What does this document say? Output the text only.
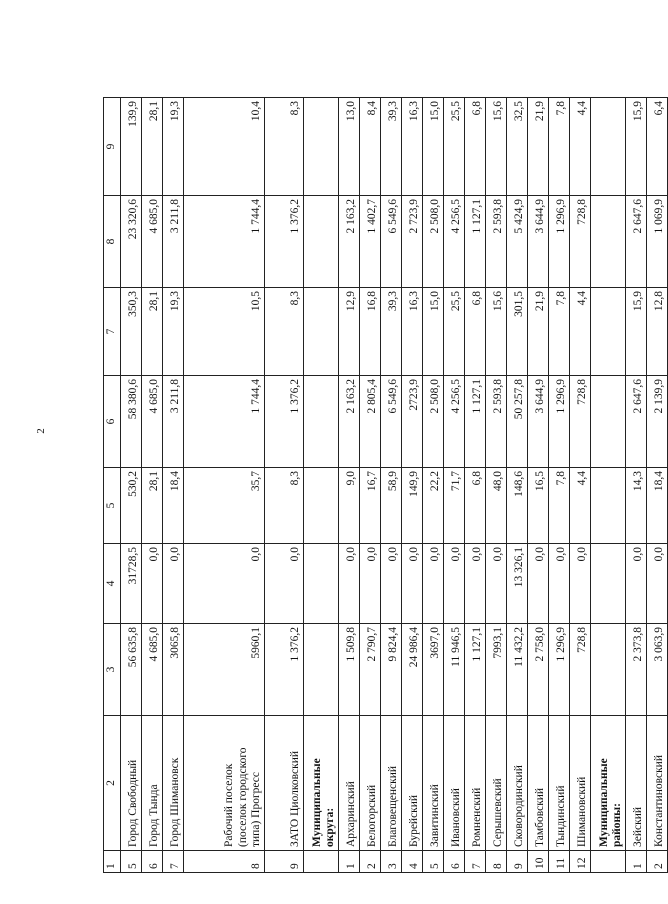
2
1	2	3	4	5	6	7	8	9
5	Город Свободный	56 635,8	31728,5	530,2	58 380,6	350,3	23 320,6	139,9
6	Город Тында	4 685,0	0,0	28,1	4 685,0	28,1	4 685,0	28,1
7	Город Шимановск	3065,8	0,0	18,4	3 211,8	19,3	3 211,8	19,3
8	Рабочий поселок (поселок городского типа) Прогресс	5960,1	0,0	35,7	1 744,4	10,5	1 744,4	10,4
9	ЗАТО Циолковский	1 376,2	0,0	8,3	1 376,2	8,3	1 376,2	8,3
	Муниципальные округа:							
1	Архаринский	1 509,8	0,0	9,0	2 163,2	12,9	2 163,2	13,0
2	Белогорский	2 790,7	0,0	16,7	2 805,4	16,8	1 402,7	8,4
3	Благовещенский	9 824,4	0,0	58,9	6 549,6	39,3	6 549,6	39,3
4	Бурейский	24 986,4	0,0	149,9	2723,9	16,3	2 723,9	16,3
5	Завитинский	3697,0	0,0	22,2	2 508,0	15,0	2 508,0	15,0
6	Ивановский	11 946,5	0,0	71,7	4 256,5	25,5	4 256,5	25,5
7	Ромненский	1 127,1	0,0	6,8	1 127,1	6,8	1 127,1	6,8
8	Серышевский	7993,1	0,0	48,0	2 593,8	15,6	2 593,8	15,6
9	Сковородинский	11 432,2	13 326,1	148,6	50 257,8	301,5	5 424,9	32,5
10	Тамбовский	2 758,0	0,0	16,5	3 644,9	21,9	3 644,9	21,9
11	Тындинский	1 296,9	0,0	7,8	1 296,9	7,8	1 296,9	7,8
12	Шимановский	728,8	0,0	4,4	728,8	4,4	728,8	4,4
	Муниципальные районы:							
1	Зейский	2 373,8	0,0	14,3	2 647,6	15,9	2 647,6	15,9
2	Константиновский	3 063,9	0,0	18,4	2 139,9	12,8	1 069,9	6,4
